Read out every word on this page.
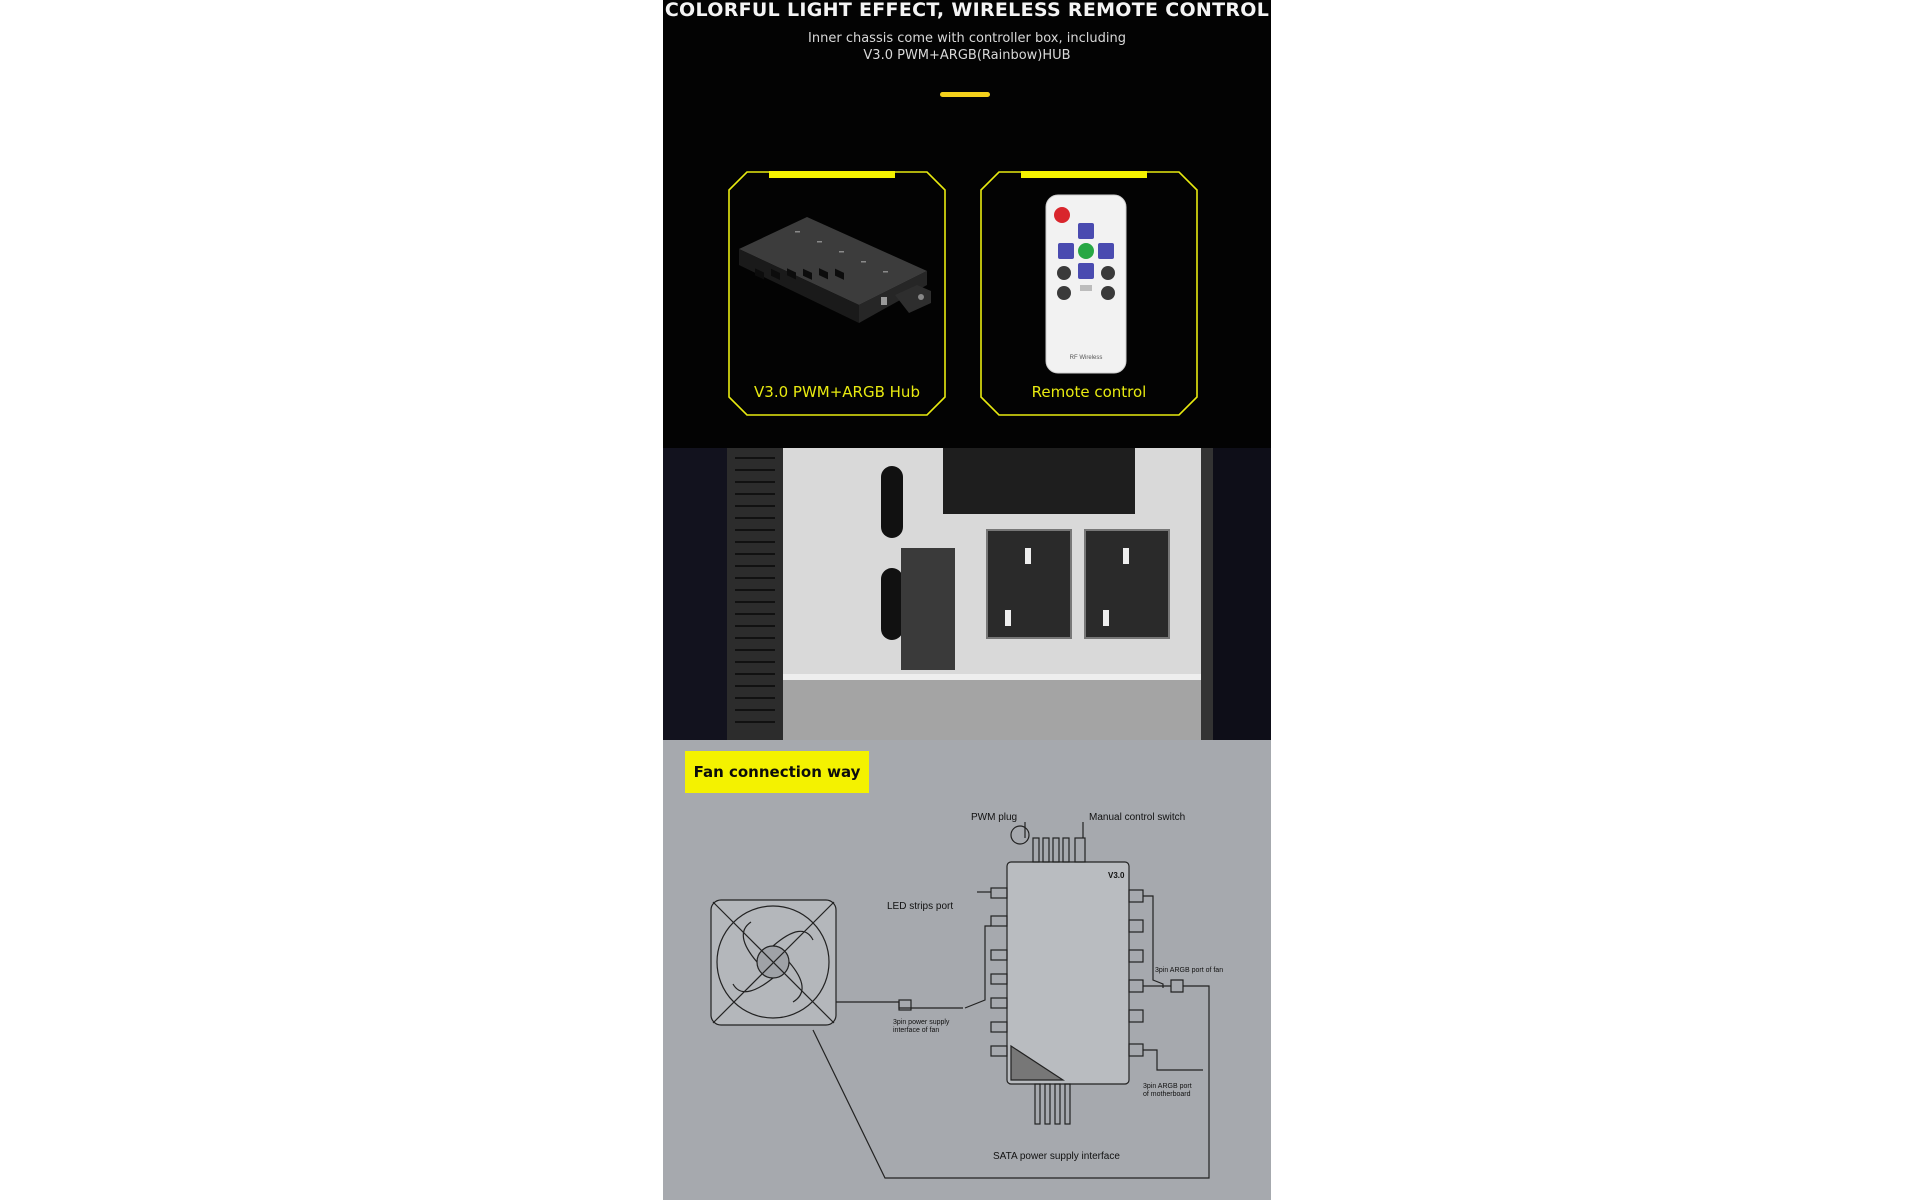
COLORFUL LIGHT EFFECT, WIRELESS REMOTE CONTROL
Inner chassis come with controller box, including
V3.0 PWM+ARGB(Rainbow)HUB
V3.0 PWM+ARGB Hub
RF Wireless
Remote control
Fan connection way
PWM plug	Manual control switch
LED strips port
V3.0
3pin ARGB port of fan
3pin power supply
interface of fan
3pin ARGB port
of motherboard
SATA power supply interface
